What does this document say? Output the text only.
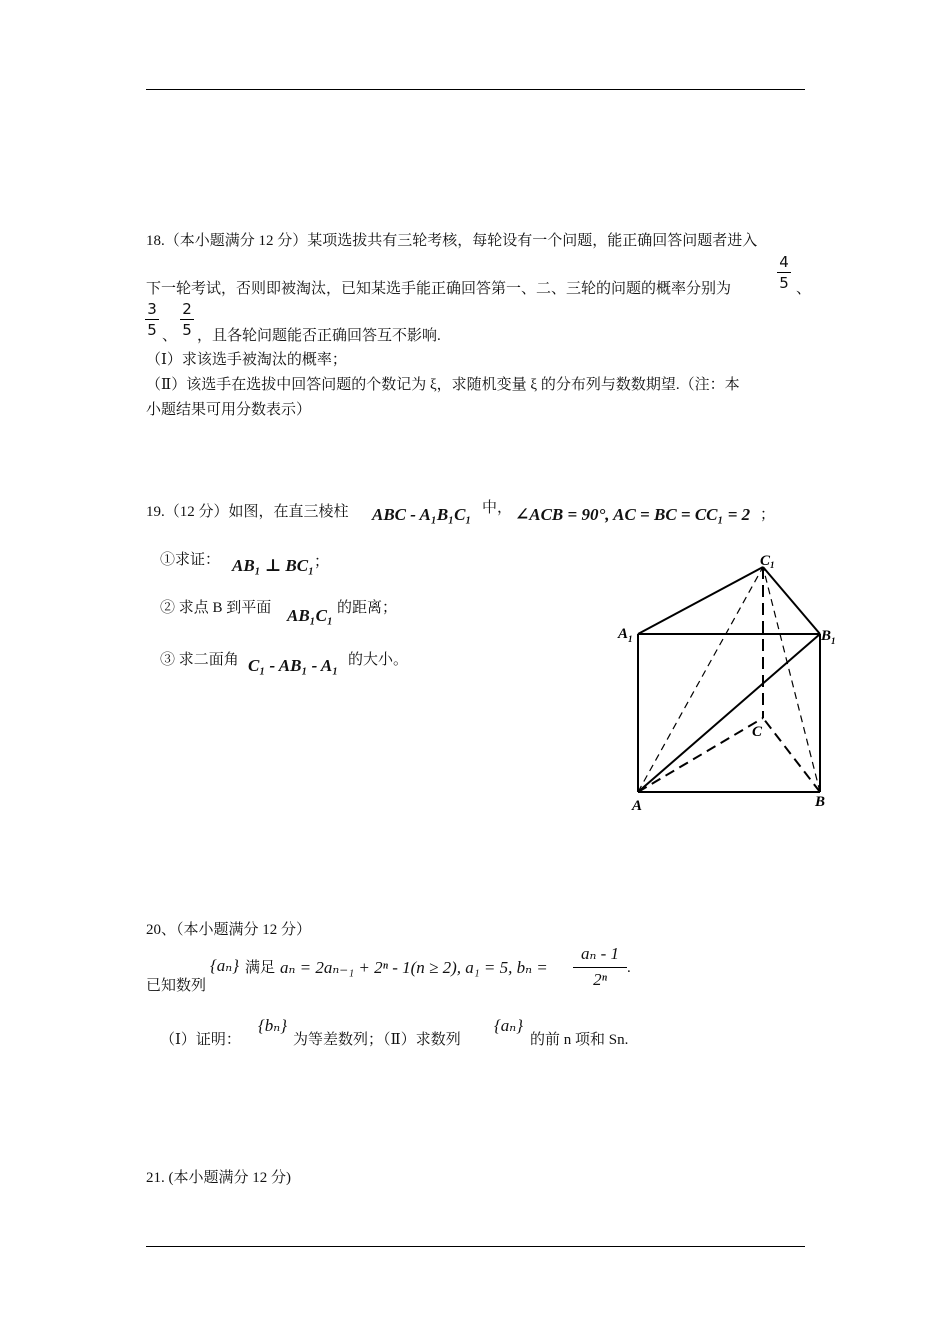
18.（本小题满分 12 分）某项选拔共有三轮考核，每轮设有一个问题，能正确回答问题者进入
下一轮考试，否则即被淘汰，已知某选手能正确回答第一、二、三轮的问题的概率分别为
4
5 、
3
5 、
2
5 ，且各轮问题能否正确回答互不影响.
（Ⅰ）求该选手被淘汰的概率；
（Ⅱ）该选手在选拔中回答问题的个数记为 ξ，求随机变量 ξ 的分布列与数数期望.（注：本
小题结果可用分数表示）
19.（12 分）如图，在直三棱柱 ABC - A₁B₁C₁ 中， ∠ACB = 90°, AC = BC = CC₁ = 2 ；
①求证： AB₁ ⊥ BC₁ ；
② 求点 B 到平面 AB₁C₁ 的距离；
③ 求二面角 C₁ - AB₁ - A₁ 的大小。
$C_1$
$A_1$	$B_1$
C
A	B
20、（本小题满分 12 分）
已知数列
{aₙ} 满足 aₙ = 2aₙ₋₁ + 2ⁿ - 1(n ≥ 2), a₁ = 5, bₙ =
aₙ - 1
2ⁿ
.
（Ⅰ）证明：
{bₙ}
为等差数列；（Ⅱ）求数列
{aₙ}
的前 n 项和 Sn.
21. (本小题满分 12 分)
